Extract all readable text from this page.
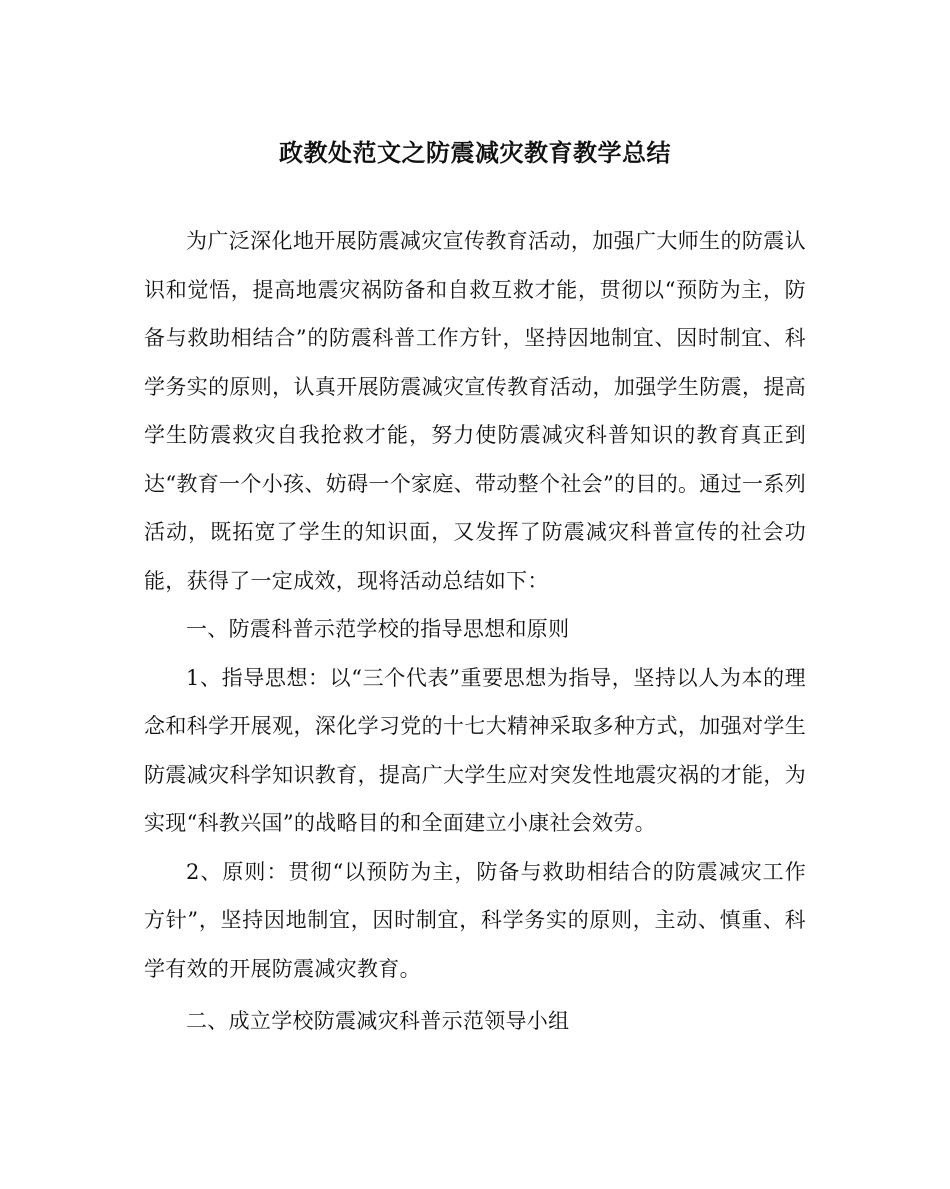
政教处范文之防震减灾教育教学总结

为广泛深化地开展防震减灾宣传教育活动，加强广大师生的防震认识和觉悟，提高地震灾祸防备和自救互救才能，贯彻以“预防为主，防备与救助相结合”的防震科普工作方针，坚持因地制宜、因时制宜、科学务实的原则，认真开展防震减灾宣传教育活动，加强学生防震，提高学生防震救灾自我抢救才能，努力使防震减灾科普知识的教育真正到达“教育一个小孩、妨碍一个家庭、带动整个社会”的目的。通过一系列活动，既拓宽了学生的知识面，又发挥了防震减灾科普宣传的社会功能，获得了一定成效，现将活动总结如下：

一、防震科普示范学校的指导思想和原则

1、指导思想：以“三个代表”重要思想为指导，坚持以人为本的理念和科学开展观，深化学习党的十七大精神采取多种方式，加强对学生防震减灾科学知识教育，提高广大学生应对突发性地震灾祸的才能，为实现“科教兴国”的战略目的和全面建立小康社会效劳。

2、原则：贯彻“以预防为主，防备与救助相结合的防震减灾工作方针”，坚持因地制宜，因时制宜，科学务实的原则，主动、慎重、科学有效的开展防震减灾教育。

二、成立学校防震减灾科普示范领导小组
